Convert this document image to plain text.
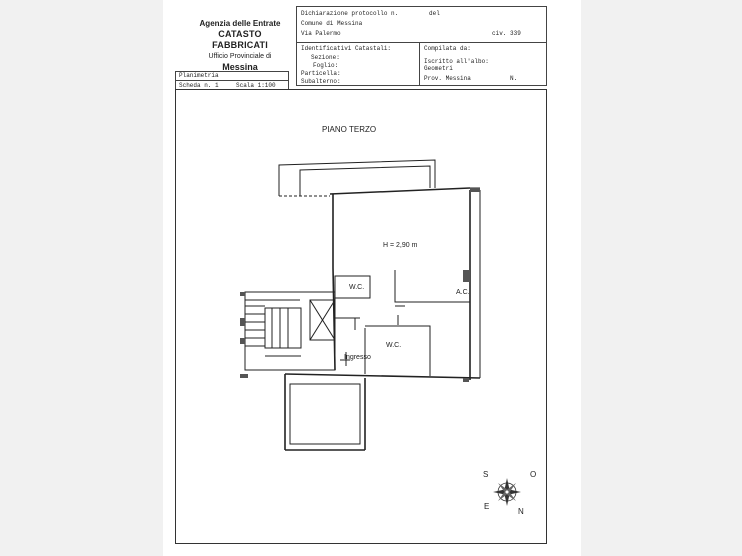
Agenzia delle Entrate
CATASTO FABBRICATI
Ufficio Provinciale di
Messina
Dichiarazione protocollo n.	del
Comune di Messina
Via Palermo	civ. 339
Identificativi Catastali:
Sezione:
Foglio:
Particella:
Subalterno:
Compilata da:
Iscritto all'albo:
Geometri
Prov. Messina	N.
Planimetria
Scheda n. 1	Scala 1:100
PIANO TERZO
H = 2,90 m
W.C.
A.C.
W.C.
Ingresso
S	O
E
N
